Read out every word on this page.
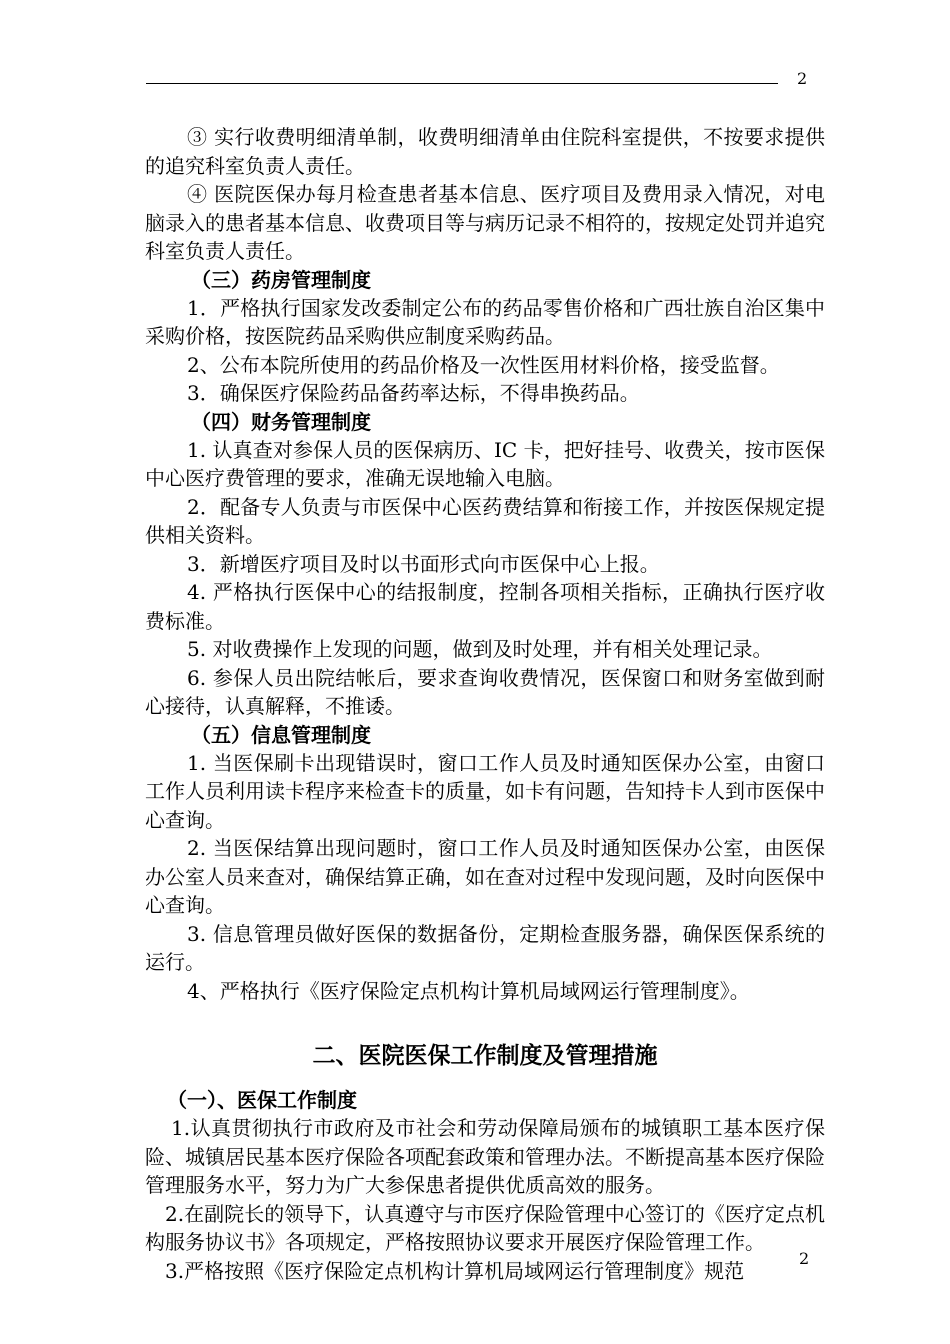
2

③ 实行收费明细清单制，收费明细清单由住院科室提供，不按要求提供的追究科室负责人责任。

④ 医院医保办每月检查患者基本信息、医疗项目及费用录入情况，对电脑录入的患者基本信息、收费项目等与病历记录不相符的，按规定处罚并追究科室负责人责任。

（三）药房管理制度

1．严格执行国家发改委制定公布的药品零售价格和广西壮族自治区集中采购价格，按医院药品采购供应制度采购药品。

2、公布本院所使用的药品价格及一次性医用材料价格，接受监督。

3．确保医疗保险药品备药率达标，不得串换药品。

（四）财务管理制度

1. 认真查对参保人员的医保病历、IC 卡，把好挂号、收费关，按市医保中心医疗费管理的要求，准确无误地输入电脑。

2．配备专人负责与市医保中心医药费结算和衔接工作，并按医保规定提供相关资料。

3．新增医疗项目及时以书面形式向市医保中心上报。

4. 严格执行医保中心的结报制度，控制各项相关指标，正确执行医疗收费标准。

5. 对收费操作上发现的问题，做到及时处理，并有相关处理记录。

6. 参保人员出院结帐后，要求查询收费情况，医保窗口和财务室做到耐心接待，认真解释，不推诿。

（五）信息管理制度

1. 当医保刷卡出现错误时，窗口工作人员及时通知医保办公室，由窗口工作人员利用读卡程序来检查卡的质量，如卡有问题，告知持卡人到市医保中心查询。

2. 当医保结算出现问题时，窗口工作人员及时通知医保办公室，由医保办公室人员来查对，确保结算正确，如在查对过程中发现问题，及时向医保中心查询。

3. 信息管理员做好医保的数据备份，定期检查服务器，确保医保系统的运行。

4、严格执行《医疗保险定点机构计算机局域网运行管理制度》。

二、医院医保工作制度及管理措施

（一）、医保工作制度

1.认真贯彻执行市政府及市社会和劳动保障局颁布的城镇职工基本医疗保险、城镇居民基本医疗保险各项配套政策和管理办法。不断提高基本医疗保险管理服务水平，努力为广大参保患者提供优质高效的服务。

2.在副院长的领导下，认真遵守与市医疗保险管理中心签订的《医疗定点机构服务协议书》各项规定，严格按照协议要求开展医疗保险管理工作。

3.严格按照《医疗保险定点机构计算机局域网运行管理制度》规范	2
